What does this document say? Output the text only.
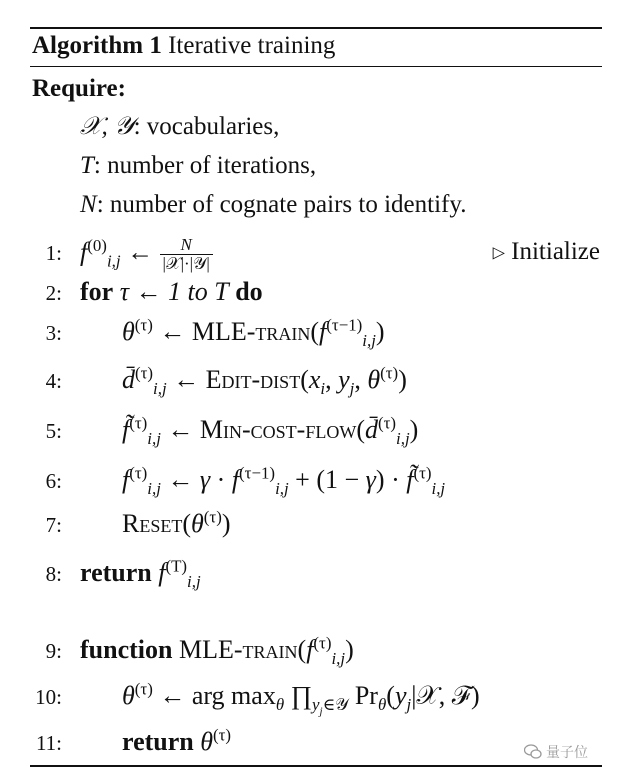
Algorithm 1 Iterative training
Require:
𝒳, 𝒴: vocabularies,
T: number of iterations,
N: number of cognate pairs to identify.
1: $f^{(0)}_{i,j}$ ← $\frac{N}{\text{|𝒳|·|𝒴|}}$	▷ Initialize
2: for τ ← 1 to T do
3: $\theta^{(\tau)}$ ← MLE-$train(f^{(\tau-1)}_{i,j})$
4: d̄$^{(\tau)}_{i,j}$ ← Edit-$dist(x_i$, $y_j$, $\theta^{(\tau)}$)
5: f̃$^{(\tau)}_{i,j}$ ← Min-cost-flow(d̄$^{(\tau)}_{i,j}$)
6: $f^{(\tau)}_{i,j}$ ← $\gamma \cdot f^{(\tau-1)}_{i,j} + (1 - \gamma)$ · f̃$^{(\tau)}_{i,j}$
7: $Reset(\theta^{(\tau)})$
8: return $f^{(T)}_{i,j}$
9: function MLE-$train(f^{(\tau)}_{i,j})$
10: $\theta^{(\tau)}$ ← arg $\max_\theta$ $\prod_{y_j\in 𝒴}$ $Pr_\theta(y_j|𝒳$, ℱ)
11: return $\theta^{(\tau)}$
量子位
